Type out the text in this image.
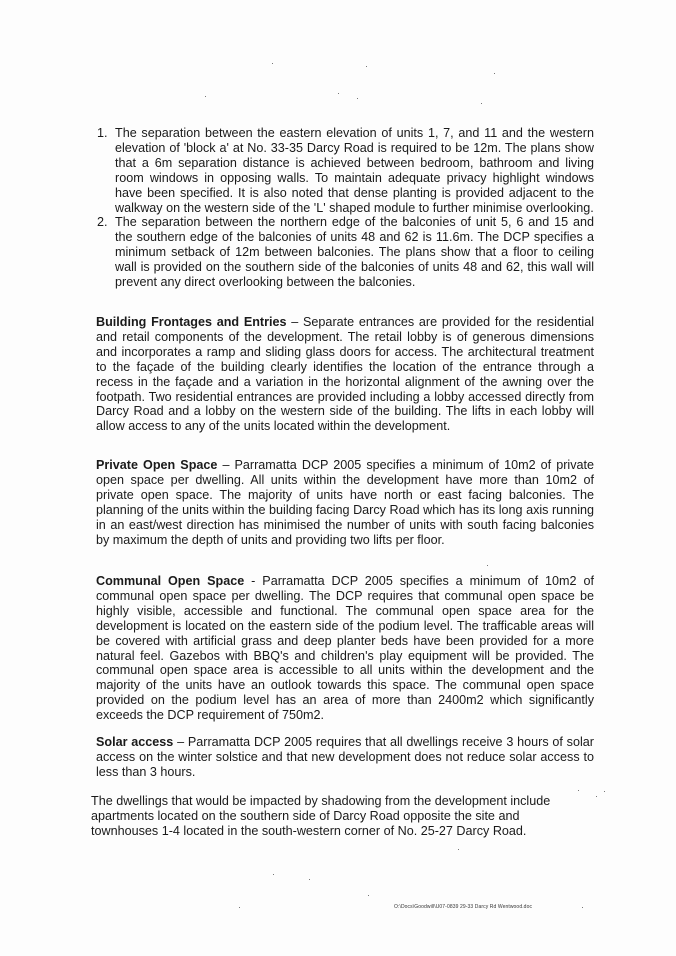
1. The separation between the eastern elevation of units 1, 7, and 11 and the western elevation of 'block a' at No. 33-35 Darcy Road is required to be 12m. The plans show that a 6m separation distance is achieved between bedroom, bathroom and living room windows in opposing walls. To maintain adequate privacy highlight windows have been specified. It is also noted that dense planting is provided adjacent to the walkway on the western side of the 'L' shaped module to further minimise overlooking.
2. The separation between the northern edge of the balconies of unit 5, 6 and 15 and the southern edge of the balconies of units 48 and 62 is 11.6m. The DCP specifies a minimum setback of 12m between balconies. The plans show that a floor to ceiling wall is provided on the southern side of the balconies of units 48 and 62, this wall will prevent any direct overlooking between the balconies.

Building Frontages and Entries – Separate entrances are provided for the residential and retail components of the development. The retail lobby is of generous dimensions and incorporates a ramp and sliding glass doors for access. The architectural treatment to the façade of the building clearly identifies the location of the entrance through a recess in the façade and a variation in the horizontal alignment of the awning over the footpath. Two residential entrances are provided including a lobby accessed directly from Darcy Road and a lobby on the western side of the building. The lifts in each lobby will allow access to any of the units located within the development.

Private Open Space – Parramatta DCP 2005 specifies a minimum of 10m2 of private open space per dwelling. All units within the development have more than 10m2 of private open space. The majority of units have north or east facing balconies. The planning of the units within the building facing Darcy Road which has its long axis running in an east/west direction has minimised the number of units with south facing balconies by maximum the depth of units and providing two lifts per floor.

Communal Open Space - Parramatta DCP 2005 specifies a minimum of 10m2 of communal open space per dwelling. The DCP requires that communal open space be highly visible, accessible and functional. The communal open space area for the development is located on the eastern side of the podium level. The trafficable areas will be covered with artificial grass and deep planter beds have been provided for a more natural feel. Gazebos with BBQ's and children's play equipment will be provided. The communal open space area is accessible to all units within the development and the majority of the units have an outlook towards this space. The communal open space provided on the podium level has an area of more than 2400m2 which significantly exceeds the DCP requirement of 750m2.

Solar access – Parramatta DCP 2005 requires that all dwellings receive 3 hours of solar access on the winter solstice and that new development does not reduce solar access to less than 3 hours.

The dwellings that would be impacted by shadowing from the development include apartments located on the southern side of Darcy Road opposite the site and townhouses 1-4 located in the south-western corner of No. 25-27 Darcy Road.

O:\Docs\Goodwill\U07-0839 29-33 Darcy Rd Wentwood.doc
